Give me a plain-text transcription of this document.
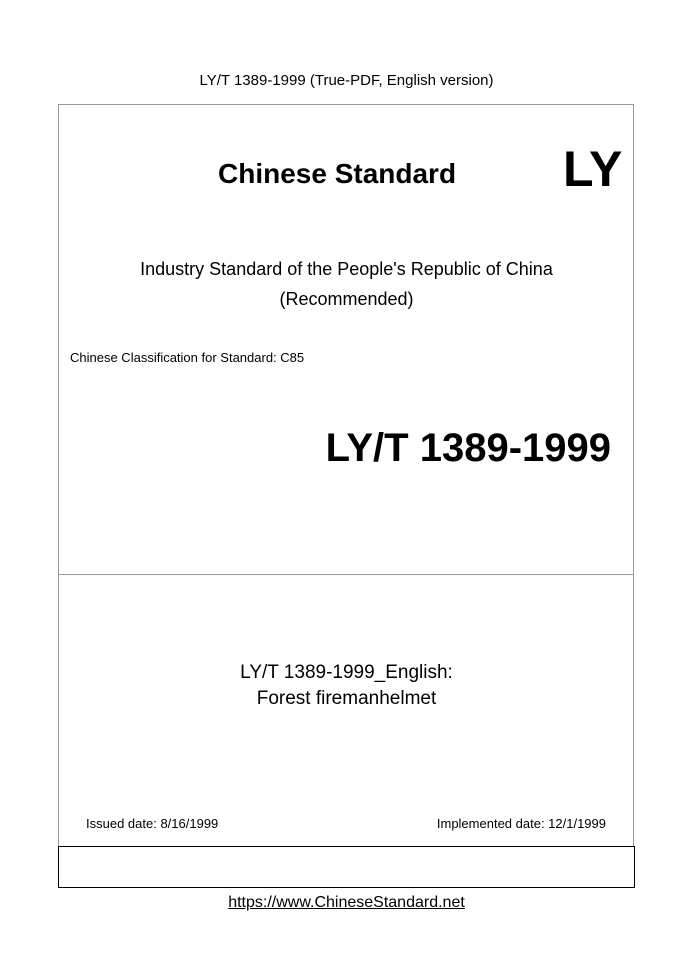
LY/T 1389-1999 (True-PDF, English version)
Chinese Standard LY
Industry Standard of the People's Republic of China
(Recommended)
Chinese Classification for Standard: C85
LY/T 1389-1999
LY/T 1389-1999_English:
Forest firemanhelmet
Issued date: 8/16/1999	Implemented date: 12/1/1999
https://www.ChineseStandard.net
